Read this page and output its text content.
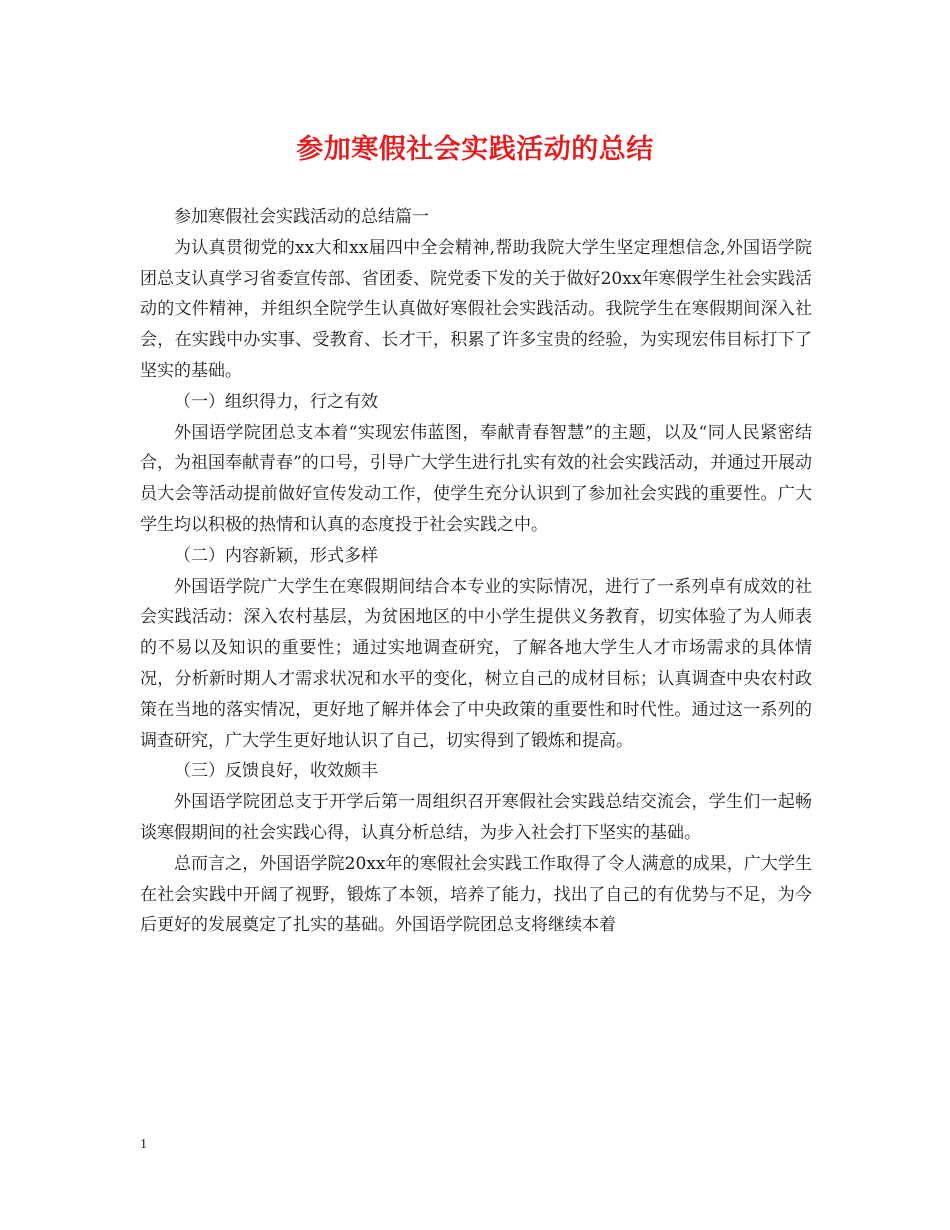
参加寒假社会实践活动的总结

参加寒假社会实践活动的总结篇一

为认真贯彻党的xx大和xx届四中全会精神,帮助我院大学生坚定理想信念,外国语学院团总支认真学习省委宣传部、省团委、院党委下发的关于做好20xx年寒假学生社会实践活动的文件精神，并组织全院学生认真做好寒假社会实践活动。我院学生在寒假期间深入社会，在实践中办实事、受教育、长才干，积累了许多宝贵的经验，为实现宏伟目标打下了坚实的基础。

（一）组织得力，行之有效

外国语学院团总支本着“实现宏伟蓝图，奉献青春智慧”的主题，以及“同人民紧密结合，为祖国奉献青春”的口号，引导广大学生进行扎实有效的社会实践活动，并通过开展动员大会等活动提前做好宣传发动工作，使学生充分认识到了参加社会实践的重要性。广大学生均以积极的热情和认真的态度投于社会实践之中。

（二）内容新颖，形式多样

外国语学院广大学生在寒假期间结合本专业的实际情况，进行了一系列卓有成效的社会实践活动：深入农村基层，为贫困地区的中小学生提供义务教育，切实体验了为人师表的不易以及知识的重要性；通过实地调查研究，了解各地大学生人才市场需求的具体情况，分析新时期人才需求状况和水平的变化，树立自己的成材目标；认真调查中央农村政策在当地的落实情况，更好地了解并体会了中央政策的重要性和时代性。通过这一系列的调查研究，广大学生更好地认识了自己，切实得到了锻炼和提高。

（三）反馈良好，收效颇丰

外国语学院团总支于开学后第一周组织召开寒假社会实践总结交流会，学生们一起畅谈寒假期间的社会实践心得，认真分析总结，为步入社会打下坚实的基础。

总而言之，外国语学院20xx年的寒假社会实践工作取得了令人满意的成果，广大学生在社会实践中开阔了视野，锻炼了本领，培养了能力，找出了自己的有优势与不足，为今后更好的发展奠定了扎实的基础。外国语学院团总支将继续本着

1
